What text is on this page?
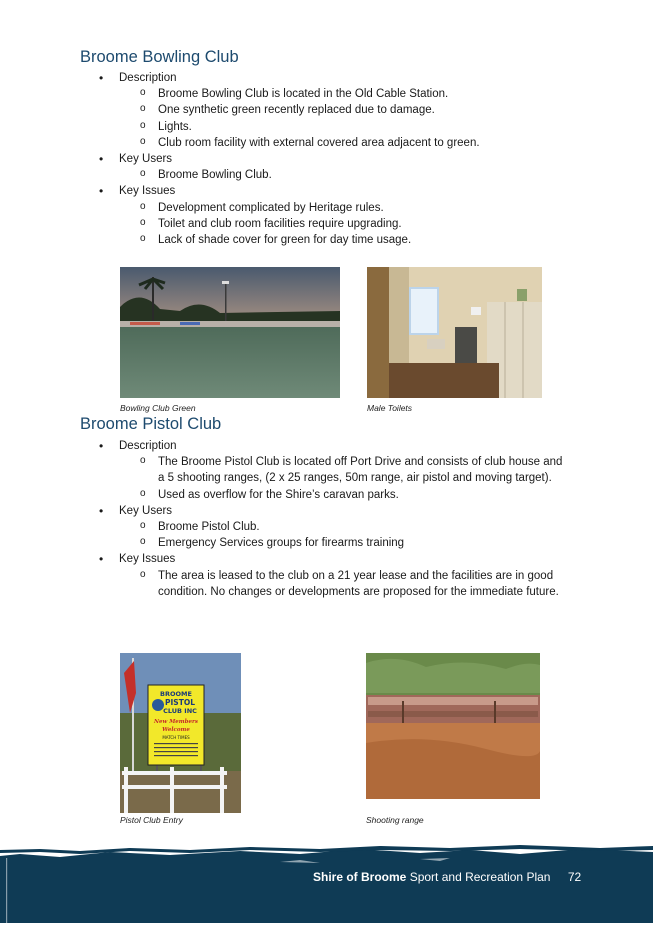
Broome Bowling Club
• Description
o Broome Bowling Club is located in the Old Cable Station.
o One synthetic green recently replaced due to damage.
o Lights.
o Club room facility with external covered area adjacent to green.
• Key Users
o Broome Bowling Club.
• Key Issues
o Development complicated by Heritage rules.
o Toilet and club room facilities require upgrading.
o Lack of shade cover for green for day time usage.
Bowling Club Green	Male Toilets
Broome Pistol Club
• Description
o The Broome Pistol Club is located off Port Drive and consists of club house and a 5 shooting ranges, (2 x 25 ranges, 50m range, air pistol and moving target).
o Used as overflow for the Shire’s caravan parks.
• Key Users
o Broome Pistol Club.
o Emergency Services groups for firearms training
• Key Issues
o The area is leased to the club on a 21 year lease and the facilities are in good condition. No changes or developments are proposed for the immediate future.
BROOME
PISTOL
CLUB INC
New Members
Welcome
MATCH TIMES
Pistol Club Entry	Shooting range
Shire of Broome Sport and Recreation Plan 72
